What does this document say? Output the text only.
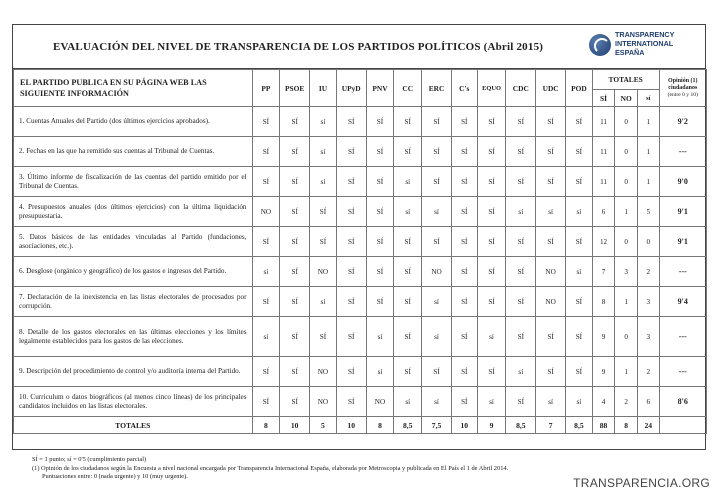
EVALUACIÓN DEL NIVEL DE TRANSPARENCIA DE LOS PARTIDOS POLÍTICOS (Abril 2015)
TRANSPARENCY
INTERNATIONAL
ESPAÑA
EL PARTIDO PUBLICA EN SU PÁGINA WEB LAS SIGUIENTE INFORMACIÓN	PP	PSOE	IU	UPyD	PNV	CC	ERC	C's	EQUO	CDC	UDC	POD	TOTALES			Opinión (1)
ciudadanos
(entre 0 y 10)
													SÍ	NO	sí	
1. Cuentas Anuales del Partido (dos últimos ejercicios aprobados).	SÍ	SÍ	sí	SÍ	SÍ	SÍ	SÍ	SÍ	SÍ	SÍ	SÍ	SÍ	11	0	1	9'2
2. Fechas en las que ha remitido sus cuentas al Tribunal de Cuentas.	SÍ	SÍ	sí	SÍ	SÍ	SÍ	SÍ	SÍ	SÍ	SÍ	SÍ	SÍ	11	0	1	---
3. Último informe de fiscalización de las cuentas del partido emitido por el Tribunal de Cuentas.	SÍ	SÍ	sí	SÍ	SÍ	sí	SÍ	SÍ	SÍ	SÍ	SÍ	SÍ	11	0	1	9'0
4. Presupuestos anuales (dos últimos ejercicios) con la última liquidación presupuestaria.	NO	SÍ	SÍ	SÍ	SÍ	sí	sí	SÍ	SÍ	sí	sí	sí	6	1	5	9'1
5. Datos básicos de las entidades vinculadas al Partido (fundaciones, asociaciones, etc.).	SÍ	SÍ	SÍ	SÍ	SÍ	SÍ	SÍ	SÍ	SÍ	SÍ	SÍ	SÍ	12	0	0	9'1
6. Desglose (orgánico y geográfico) de los gastos e ingresos del Partido.	sí	SÍ	NO	SÍ	SÍ	SÍ	NO	SÍ	SÍ	SÍ	NO	sí	7	3	2	---
7. Declaración de la inexistencia en las listas electorales de procesados por corrupción.	SÍ	SÍ	sí	SÍ	SÍ	SÍ	sí	SÍ	SÍ	SÍ	NO	SÍ	8	1	3	9'4
8. Detalle de los gastos electorales en las últimas elecciones y los límites legalmente establecidos para los gastos de las elecciones.	sí	SÍ	SÍ	SÍ	sí	SÍ	sí	SÍ	sí	SÍ	SÍ	SÍ	9	0	3	---
9. Descripción del procedimiento de control y/o auditoría interna del Partido.	SÍ	SÍ	NO	SÍ	sí	SÍ	SÍ	SÍ	SÍ	sí	SÍ	SÍ	9	1	2	---
10. Curriculum o datos biográficos (al menos cinco líneas) de los principales candidatos incluidos en las listas electorales.	SÍ	SÍ	NO	SÍ	NO	sí	sí	SÍ	sí	SÍ	sí	sí	4	2	6	8'6
TOTALES	8	10	5	10	8	8,5	7,5	10	9	8,5	7	8,5	88	8	24	
SÍ = 1 punto; sí = 0'5 (cumplimiento parcial)
(1) Opinión de los ciudadanos según la Encuesta a nivel nacional encargada por Transparencia Internacional España, elaborada por Metroscopia y publicada en El País el 1 de Abril 2014.
Puntuaciones entre: 0 (nada urgente) y 10 (muy urgente).	TRANSPARENCIA.ORG
